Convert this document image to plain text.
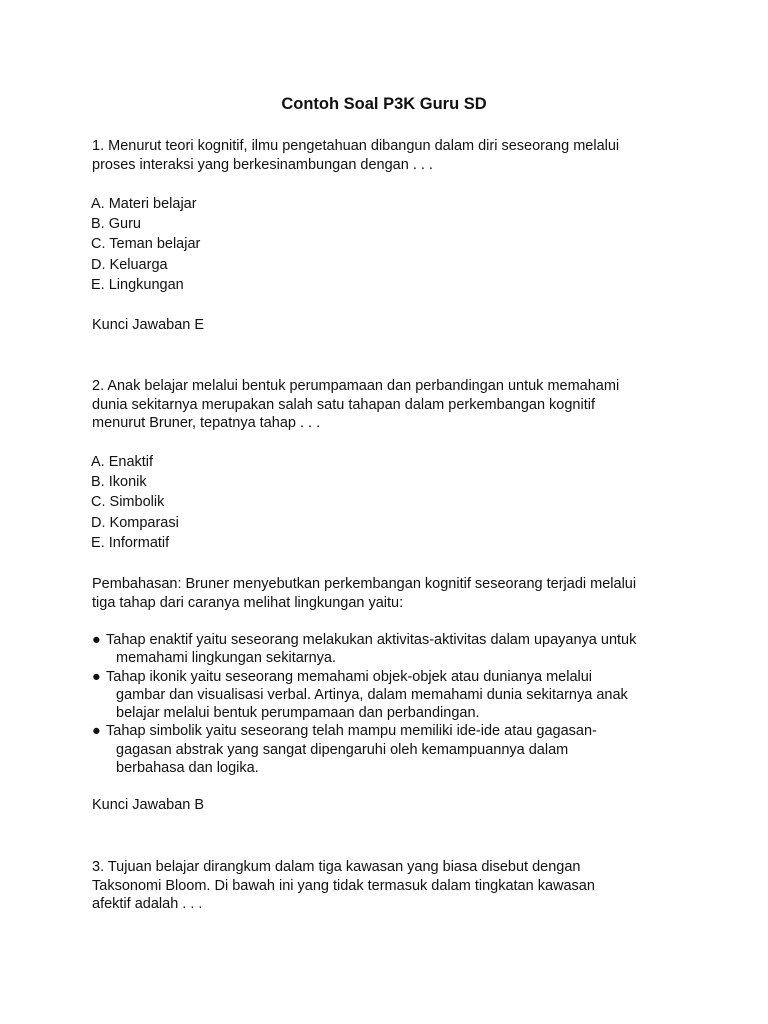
Contoh Soal P3K Guru SD

1. Menurut teori kognitif, ilmu pengetahuan dibangun dalam diri seseorang melalui

proses interaksi yang berkesinambungan dengan . . .

A. Materi belajar
B. Guru
C. Teman belajar
D. Keluarga
E. Lingkungan
Kunci Jawaban E

2. Anak belajar melalui bentuk perumpamaan dan perbandingan untuk memahami

dunia sekitarnya merupakan salah satu tahapan dalam perkembangan kognitif

menurut Bruner, tepatnya tahap . . .

A. Enaktif
B. Ikonik
C. Simbolik
D. Komparasi
E. Informatif

Pembahasan: Bruner menyebutkan perkembangan kognitif seseorang terjadi melalui

tiga tahap dari caranya melihat lingkungan yaitu:

● Tahap enaktif yaitu seseorang melakukan aktivitas-aktivitas dalam upayanya untuk
memahami lingkungan sekitarnya.
● Tahap ikonik yaitu seseorang memahami objek-objek atau dunianya melalui
gambar dan visualisasi verbal. Artinya, dalam memahami dunia sekitarnya anak
belajar melalui bentuk perumpamaan dan perbandingan.
● Tahap simbolik yaitu seseorang telah mampu memiliki ide-ide atau gagasan-
gagasan abstrak yang sangat dipengaruhi oleh kemampuannya dalam
berbahasa dan logika.
Kunci Jawaban B

3. Tujuan belajar dirangkum dalam tiga kawasan yang biasa disebut dengan

Taksonomi Bloom. Di bawah ini yang tidak termasuk dalam tingkatan kawasan

afektif adalah . . .
